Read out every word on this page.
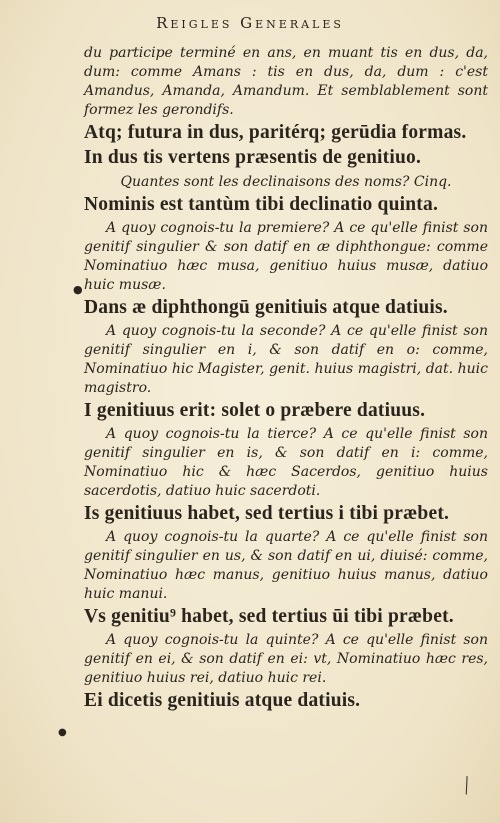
Reigles Generales

du participe terminé en ans, en muant tis en dus, da, dum: comme Amans : tis en dus, da, dum : c'est Amandus, Amanda, Amandum. Et semblablement sont formez les gerondifs.

Atq; futura in dus, paritérq; gerūdia formas.

In dus tis vertens præsentis de genitiuo.

Quantes sont les declinaisons des noms? Cinq.

Nominis est tantùm tibi declinatio quinta.

A quoy cognois-tu la premiere? A ce qu'elle finist son genitif singulier & son datif en æ diphthongue: comme Nominatiuo hæc musa, genitiuo huius musæ, datiuo huic musæ.

Dans æ diphthongū genitiuis atque datiuis.

A quoy cognois-tu la seconde? A ce qu'elle finist son genitif singulier en i, & son datif en o: comme, Nominatiuo hic Magister, genit. huius magistri, dat. huic magistro.

I genitiuus erit: solet o præbere datiuus.

A quoy cognois-tu la tierce? A ce qu'elle finist son genitif singulier en is, & son datif en i: comme, Nominatiuo hic & hæc Sacerdos, genitiuo huius sacerdotis, datiuo huic sacerdoti.

Is genitiuus habet, sed tertius i tibi præbet.

A quoy cognois-tu la quarte? A ce qu'elle finist son genitif singulier en us, & son datif en ui, diuisé: comme, Nominatiuo hæc manus, genitiuo huius manus, datiuo huic manui.

Vs genitiu⁹ habet, sed tertius ūi tibi præbet.

A quoy cognois-tu la quinte? A ce qu'elle finist son genitif en ei, & son datif en ei: vt, Nominatiuo hæc res, genitiuo huius rei, datiuo huic rei.

Ei dicetis genitiuis atque datiuis.

●
●
╲
